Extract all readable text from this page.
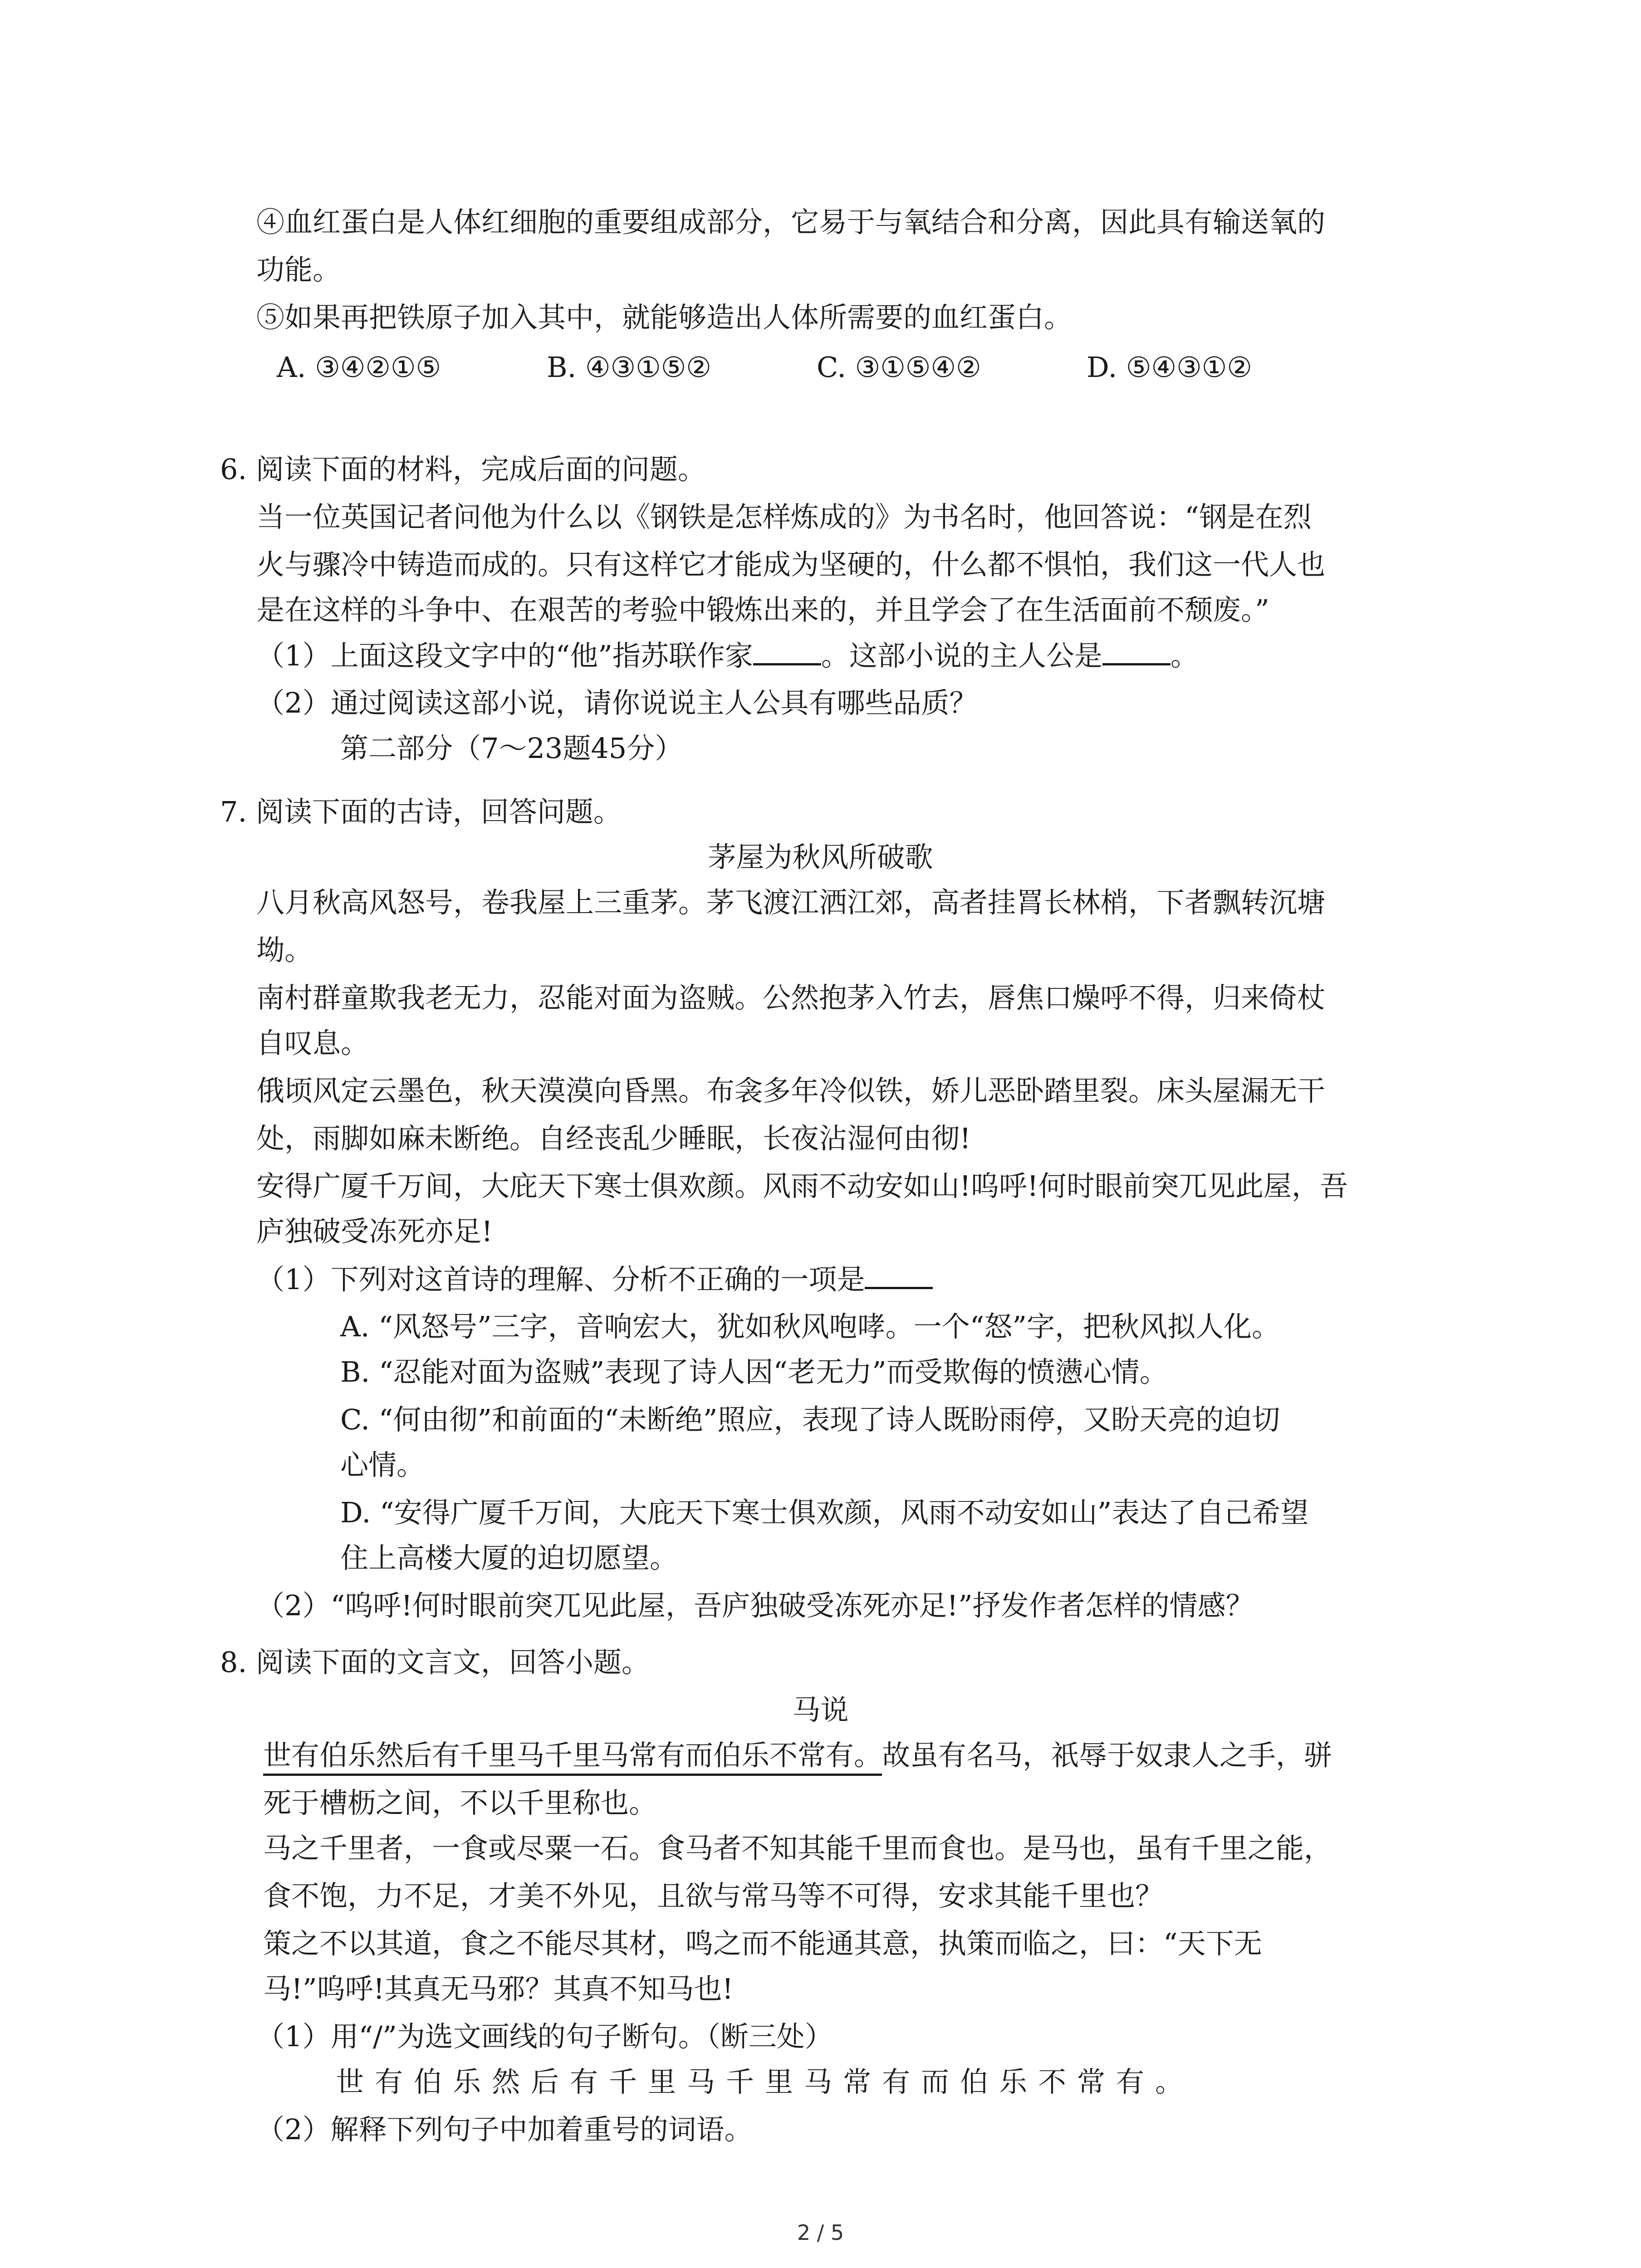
④血红蛋白是人体红细胞的重要组成部分，它易于与氧结合和分离，因此具有输送氧的
功能。
⑤如果再把铁原子加入其中，就能够造出人体所需要的血红蛋白。
A. ③④②①⑤	B. ④③①⑤②	C. ③①⑤④②	D. ⑤④③①②
6. 阅读下面的材料，完成后面的问题。
当一位英国记者问他为什么以《钢铁是怎样炼成的》为书名时，他回答说：“钢是在烈
火与骤冷中铸造而成的。只有这样它才能成为坚硬的，什么都不惧怕，我们这一代人也
是在这样的斗争中、在艰苦的考验中锻炼出来的，并且学会了在生活面前不颓废。”
（1）上面这段文字中的“他”指苏联作家 。这部小说的主人公是 。
（2）通过阅读这部小说，请你说说主人公具有哪些品质？
第二部分（7～23题45分）
7. 阅读下面的古诗，回答问题。
茅屋为秋风所破歌
八月秋高风怒号，卷我屋上三重茅。茅飞渡江洒江郊，高者挂罥长林梢，下者飘转沉塘
坳。
南村群童欺我老无力，忍能对面为盗贼。公然抱茅入竹去，唇焦口燥呼不得，归来倚杖
自叹息。
俄顷风定云墨色，秋天漠漠向昏黑。布衾多年冷似铁，娇儿恶卧踏里裂。床头屋漏无干
处，雨脚如麻未断绝。自经丧乱少睡眠，长夜沾湿何由彻!
安得广厦千万间，大庇天下寒士俱欢颜。风雨不动安如山!呜呼!何时眼前突兀见此屋，吾
庐独破受冻死亦足!
（1）下列对这首诗的理解、分析不正确的一项是
A. “风怒号”三字，音响宏大，犹如秋风咆哮。一个“怒”字，把秋风拟人化。
B. “忍能对面为盗贼”表现了诗人因“老无力”而受欺侮的愤懑心情。
C. “何由彻”和前面的“未断绝”照应，表现了诗人既盼雨停，又盼天亮的迫切
心情。
D. “安得广厦千万间，大庇天下寒士俱欢颜，风雨不动安如山”表达了自己希望
住上高楼大厦的迫切愿望。
（2）“呜呼!何时眼前突兀见此屋，吾庐独破受冻死亦足!”抒发作者怎样的情感？
8. 阅读下面的文言文，回答小题。
马说
世有伯乐然后有千里马千里马常有而伯乐不常有。故虽有名马，祇辱于奴隶人之手，骈
死于槽枥之间，不以千里称也。
马之千里者，一食或尽粟一石。食马者不知其能千里而食也。是马也，虽有千里之能，
食不饱，力不足，才美不外见，且欲与常马等不可得，安求其能千里也？
策之不以其道，食之不能尽其材，鸣之而不能通其意，执策而临之，曰：“天下无
马!”呜呼!其真无马邪？其真不知马也!
（1）用“/”为选文画线的句子断句。（断三处）
世有伯乐然后有千里马千里马常有而伯乐不常有。
（2）解释下列句子中加着重号的词语。
2 / 5
